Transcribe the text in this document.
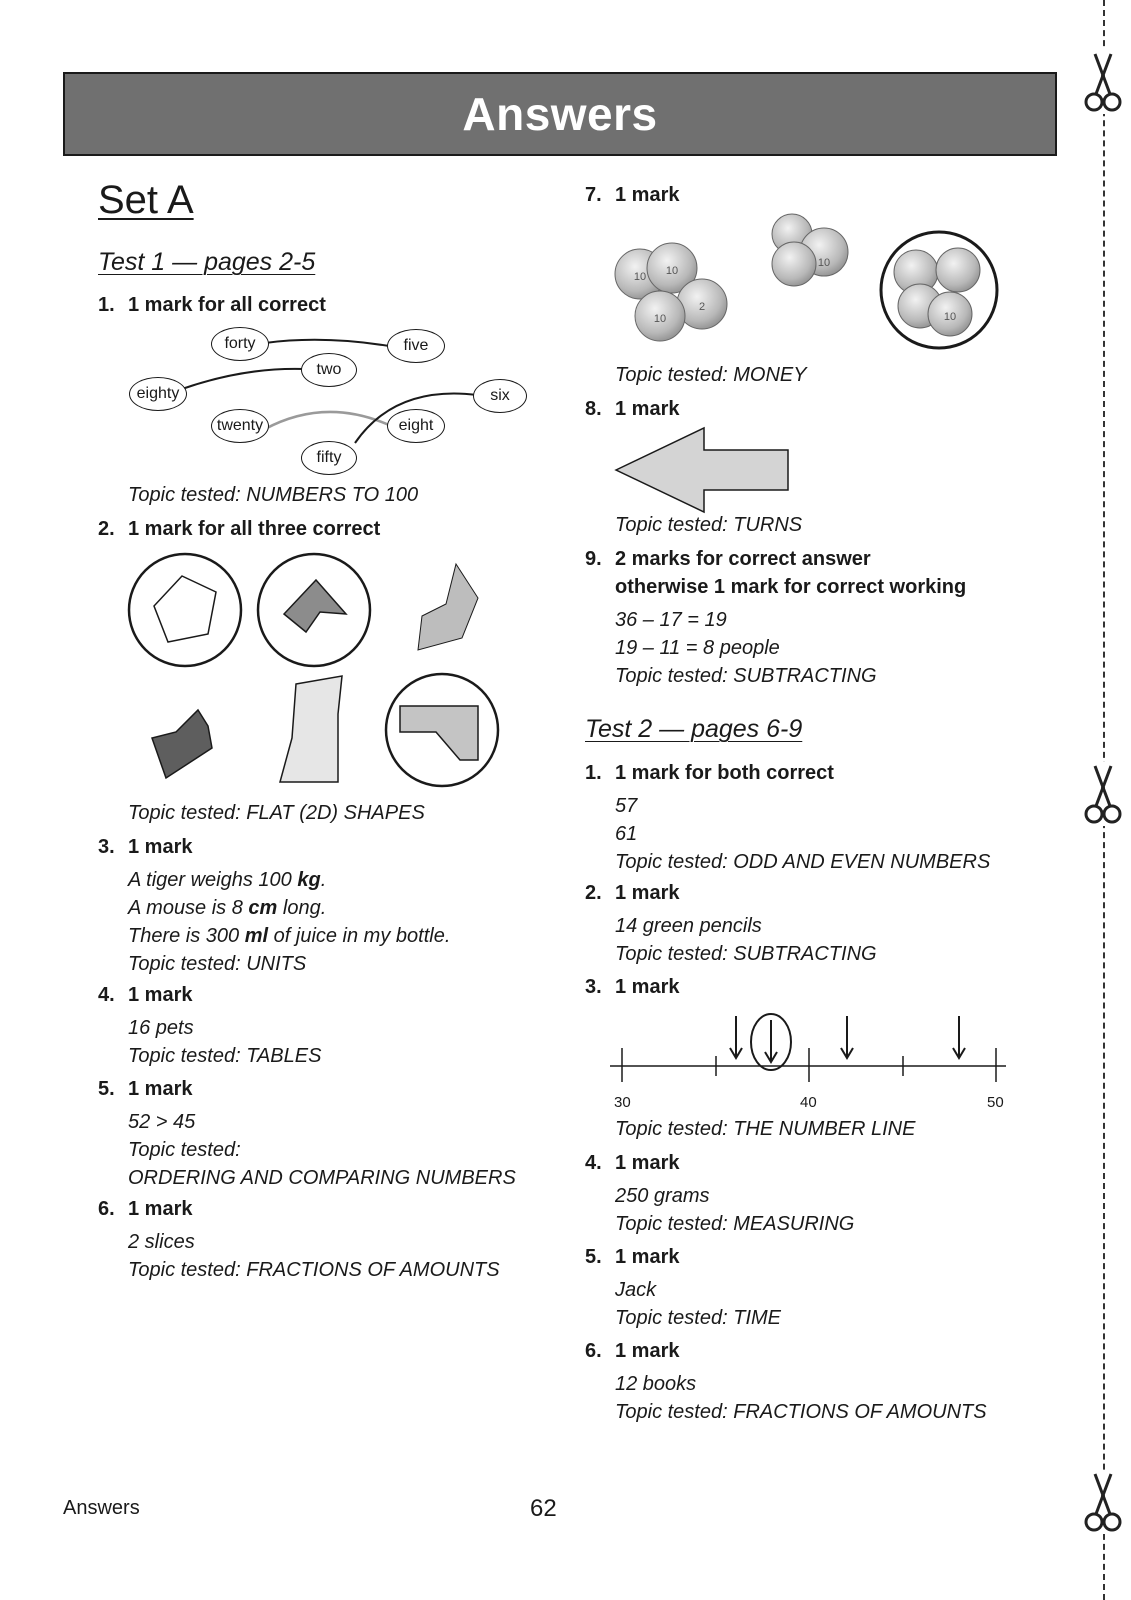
Answers
Set A
Test 1 — pages 2-5
1. 1 mark for all correct
forty	five
two
eighty	six
twenty	eight
fifty
Topic tested: NUMBERS TO 100
2. 1 mark for all three correct
Topic tested: FLAT (2D) SHAPES
3. 1 mark
A tiger weighs 100 kg.
A mouse is 8 cm long.
There is 300 ml of juice in my bottle.
Topic tested: UNITS
4. 1 mark
16 pets
Topic tested: TABLES
5. 1 mark
52 > 45
Topic tested:
ORDERING AND COMPARING NUMBERS
6. 1 mark
2 slices
Topic tested: FRACTIONS OF AMOUNTS
7. 1 mark
10 10
2
10
10
10
Topic tested: MONEY
8. 1 mark
Topic tested: TURNS
9. 2 marks for correct answer
otherwise 1 mark for correct working
36 – 17 = 19
19 – 11 = 8 people
Topic tested: SUBTRACTING
Test 2 — pages 6-9
1. 1 mark for both correct
57
61
Topic tested: ODD AND EVEN NUMBERS
2. 1 mark
14 green pencils
Topic tested: SUBTRACTING
3. 1 mark
30	40	50
Topic tested: THE NUMBER LINE
4. 1 mark
250 grams
Topic tested: MEASURING
5. 1 mark
Jack
Topic tested: TIME
6. 1 mark
12 books
Topic tested: FRACTIONS OF AMOUNTS
Answers	62
